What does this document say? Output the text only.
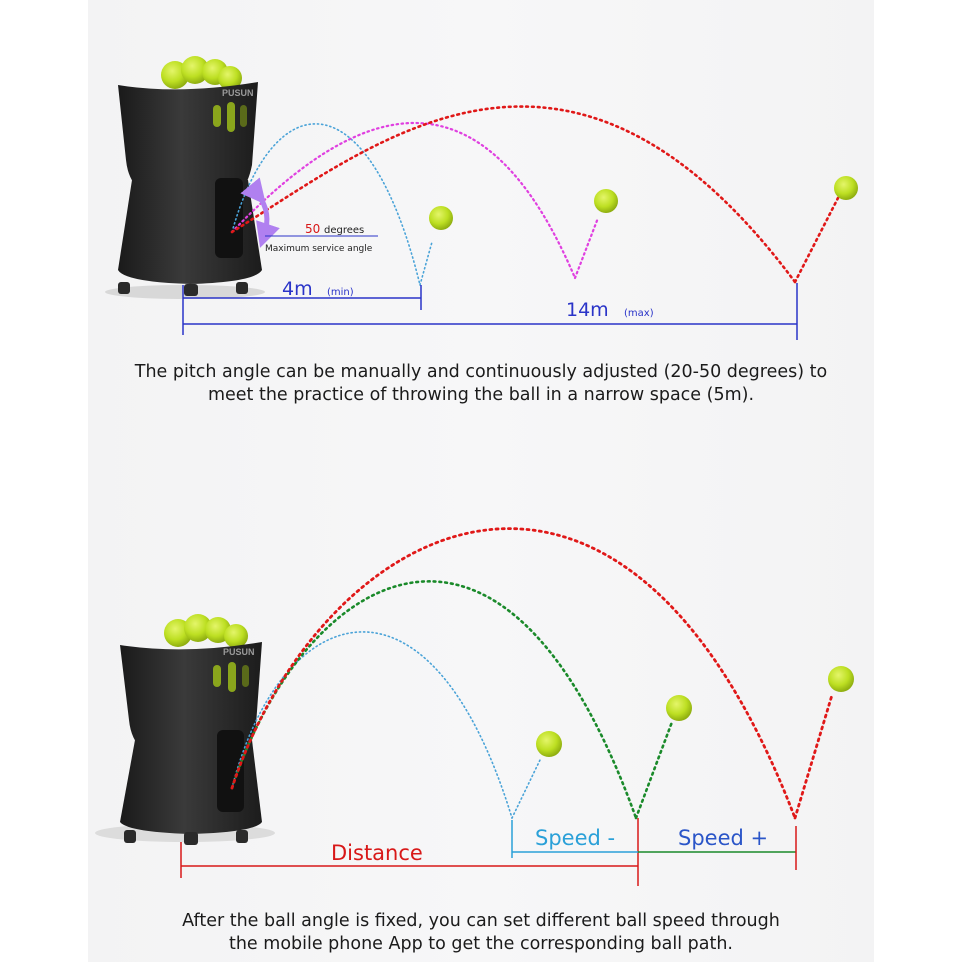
PUSUN
50 degrees
Maximum service angle
4m (min)
14m (max)
PUSUN
Distance
Speed -	Speed +
The pitch angle can be manually and continuously adjusted (20-50 degrees) to
meet the practice of throwing the ball in a narrow space (5m).
After the ball angle is fixed, you can set different ball speed through
the mobile phone App to get the corresponding ball path.
